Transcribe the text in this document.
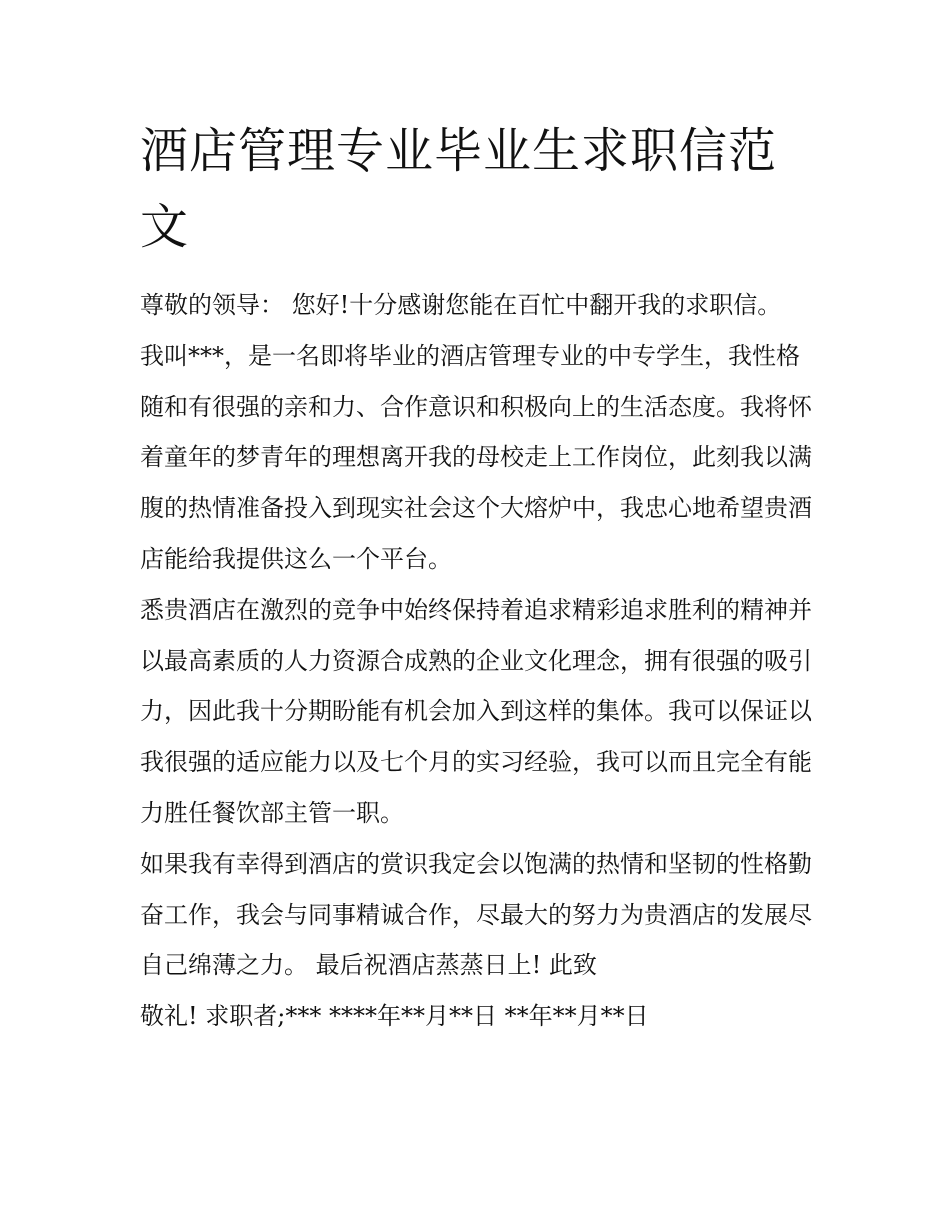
酒店管理专业毕业生求职信范文

尊敬的领导： 您好!十分感谢您能在百忙中翻开我的求职信。

我叫***，是一名即将毕业的酒店管理专业的中专学生，我性格随和有很强的亲和力、合作意识和积极向上的生活态度。我将怀着童年的梦青年的理想离开我的母校走上工作岗位，此刻我以满腹的热情准备投入到现实社会这个大熔炉中，我忠心地希望贵酒店能给我提供这么一个平台。

悉贵酒店在激烈的竞争中始终保持着追求精彩追求胜利的精神并以最高素质的人力资源合成熟的企业文化理念，拥有很强的吸引力，因此我十分期盼能有机会加入到这样的集体。我可以保证以我很强的适应能力以及七个月的实习经验，我可以而且完全有能力胜任餐饮部主管一职。

如果我有幸得到酒店的赏识我定会以饱满的热情和坚韧的性格勤奋工作，我会与同事精诚合作，尽最大的努力为贵酒店的发展尽自己绵薄之力。 最后祝酒店蒸蒸日上! 此致

敬礼! 求职者;*** ****年**月**日 **年**月**日
